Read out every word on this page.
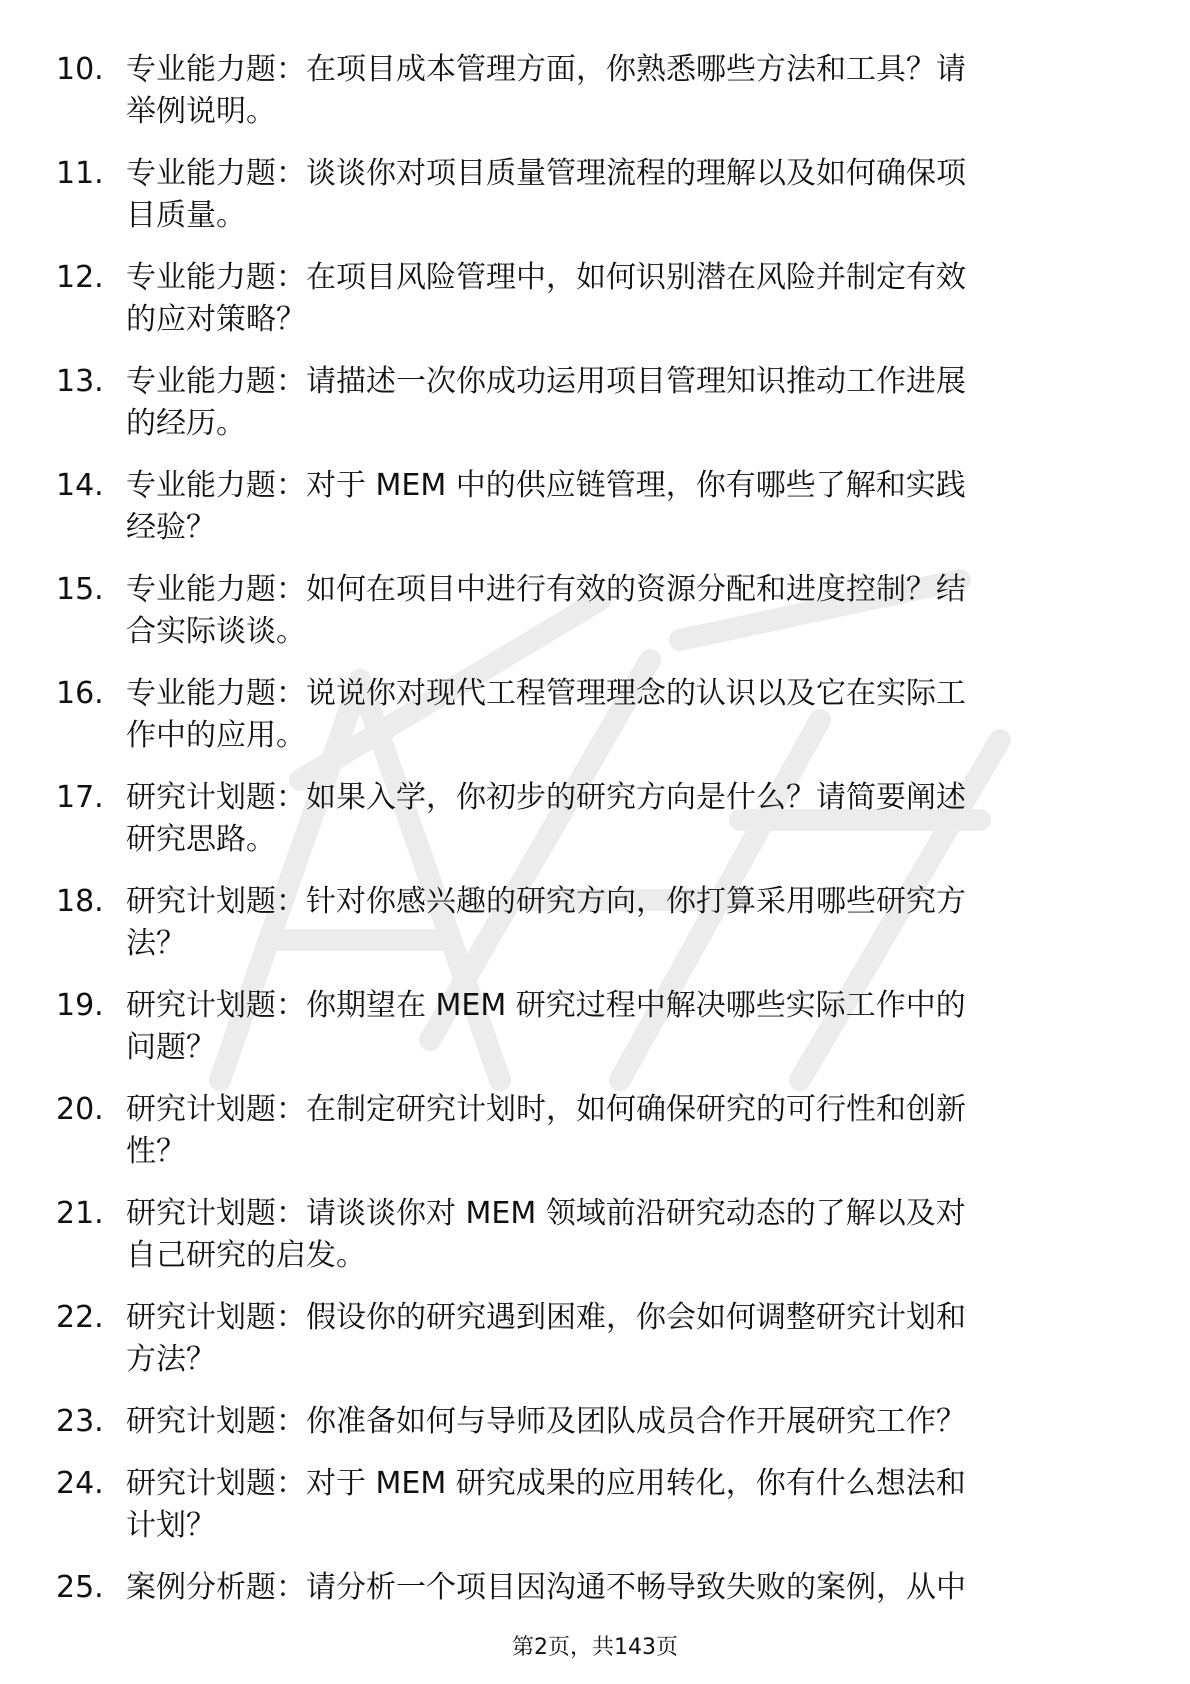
10. 专业能力题：在项目成本管理方面，你熟悉哪些方法和工具？请
举例说明。
11. 专业能力题：谈谈你对项目质量管理流程的理解以及如何确保项
目质量。
12. 专业能力题：在项目风险管理中，如何识别潜在风险并制定有效
的应对策略？
13. 专业能力题：请描述一次你成功运用项目管理知识推动工作进展
的经历。
14. 专业能力题：对于 MEM 中的供应链管理，你有哪些了解和实践
经验？
15. 专业能力题：如何在项目中进行有效的资源分配和进度控制？结
合实际谈谈。
16. 专业能力题：说说你对现代工程管理理念的认识以及它在实际工
作中的应用。
17. 研究计划题：如果入学，你初步的研究方向是什么？请简要阐述
研究思路。
18. 研究计划题：针对你感兴趣的研究方向，你打算采用哪些研究方
法？
19. 研究计划题：你期望在 MEM 研究过程中解决哪些实际工作中的
问题？
20. 研究计划题：在制定研究计划时，如何确保研究的可行性和创新
性？
21. 研究计划题：请谈谈你对 MEM 领域前沿研究动态的了解以及对
自己研究的启发。
22. 研究计划题：假设你的研究遇到困难，你会如何调整研究计划和
方法？
23. 研究计划题：你准备如何与导师及团队成员合作开展研究工作？
24. 研究计划题：对于 MEM 研究成果的应用转化，你有什么想法和
计划？
25. 案例分析题：请分析一个项目因沟通不畅导致失败的案例，从中
第2页，共143页
